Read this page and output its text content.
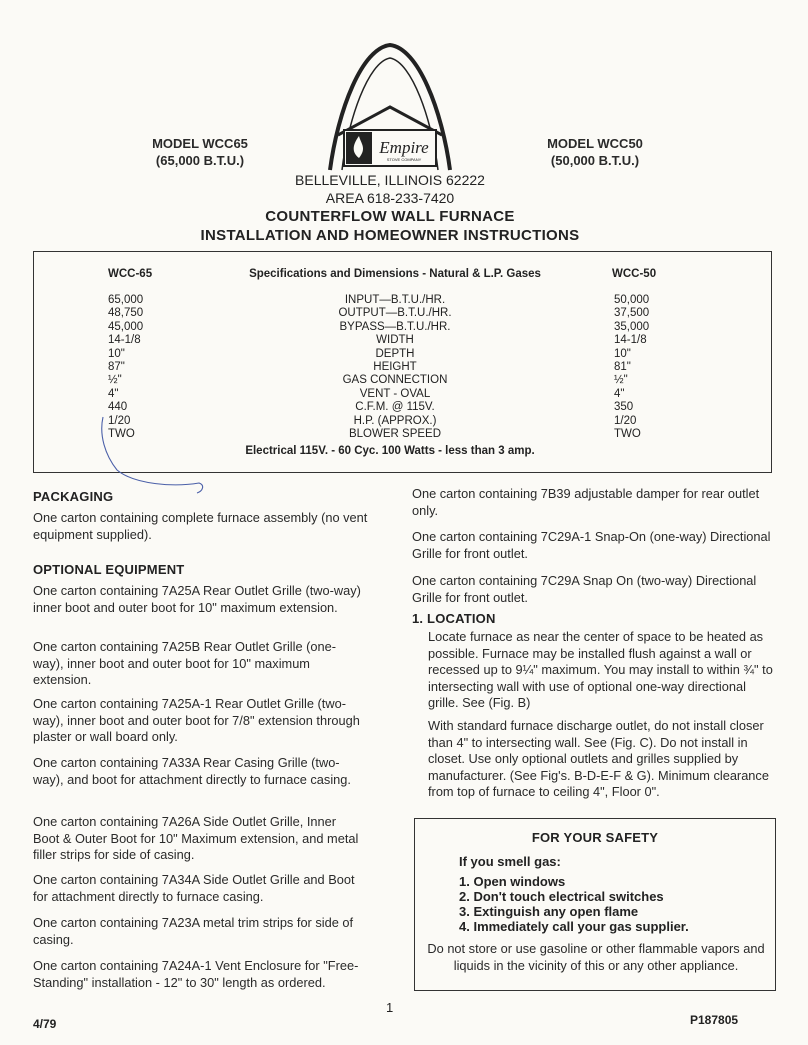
MODEL WCC65
(65,000 B.T.U.)
MODEL WCC50
(50,000 B.T.U.)
Empire
STOVE COMPANY
BELLEVILLE, ILLINOIS 62222
AREA 618-233-7420
COUNTERFLOW WALL FURNACE
INSTALLATION AND HOMEOWNER INSTRUCTIONS
WCC-65	Specifications and Dimensions - Natural & L.P. Gases	WCC-50
65,000
48,750
45,000
14-1/8
10"
87"
½"
4"
440
1/20
TWO
INPUT—B.T.U./HR.
OUTPUT—B.T.U./HR.
BYPASS—B.T.U./HR.
WIDTH
DEPTH
HEIGHT
GAS CONNECTION
VENT - OVAL
C.F.M. @ 115V.
H.P. (APPROX.)
BLOWER SPEED
50,000
37,500
35,000
14-1/8
10"
81"
½"
4"
350
1/20
TWO
Electrical 115V. - 60 Cyc. 100 Watts - less than 3 amp.
PACKAGING
One carton containing complete furnace assembly (no vent equipment supplied).
OPTIONAL EQUIPMENT
One carton containing 7A25A Rear Outlet Grille (two-way) inner boot and outer boot for 10" maximum extension.
One carton containing 7A25B Rear Outlet Grille (one-way), inner boot and outer boot for 10" maximum extension.
One carton containing 7A25A-1 Rear Outlet Grille (two-way), inner boot and outer boot for 7/8" extension through plaster or wall board only.
One carton containing 7A33A Rear Casing Grille (two-way), and boot for attachment directly to furnace casing.
One carton containing 7A26A Side Outlet Grille, Inner Boot & Outer Boot for 10" Maximum extension, and metal filler strips for side of casing.
One carton containing 7A34A Side Outlet Grille and Boot for attachment directly to furnace casing.
One carton containing 7A23A metal trim strips for side of casing.
One carton containing 7A24A-1 Vent Enclosure for "Free-Standing" installation - 12" to 30" length as ordered.
One carton containing 7B39 adjustable damper for rear outlet only.
One carton containing 7C29A-1 Snap-On (one-way) Directional Grille for front outlet.
One carton containing 7C29A Snap On (two-way) Directional Grille for front outlet.
1. LOCATION
Locate furnace as near the center of space to be heated as possible. Furnace may be installed flush against a wall or recessed up to 9¼" maximum. You may install to within ¾" to intersecting wall with use of optional one-way directional grille. See (Fig. B)
With standard furnace discharge outlet, do not install closer than 4" to intersecting wall. See (Fig. C). Do not install in closet. Use only optional outlets and grilles supplied by manufacturer. (See Fig's. B-D-E-F & G). Minimum clearance from top of furnace to ceiling 4", Floor 0".
FOR YOUR SAFETY
If you smell gas:
1. Open windows
2. Don't touch electrical switches
3. Extinguish any open flame
4. Immediately call your gas supplier.
Do not store or use gasoline or other flammable vapors and liquids in the vicinity of this or any other appliance.
4/79
1
P187805
